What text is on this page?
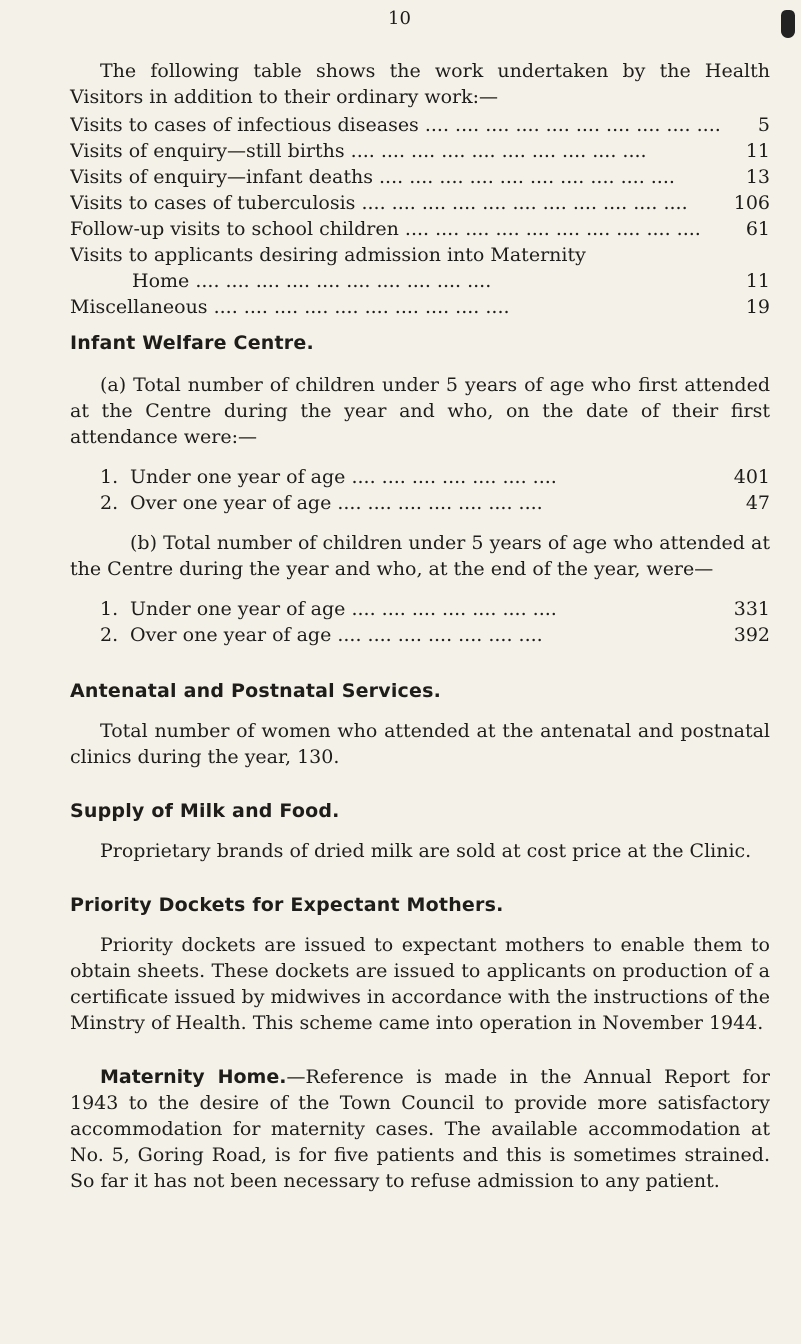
10

The following table shows the work undertaken by the Health Visitors in addition to their ordinary work:—

Visits to cases of infectious diseases ....	5
Visits of enquiry—still births ....	11
Visits of enquiry—infant deaths ....	13
Visits to cases of tuberculosis .... ....	106
Follow-up visits to school children ....	61
Visits to applicants desiring admission into Maternity
Home ....	11
Miscellaneous ....	19
Infant Welfare Centre.

(a) Total number of children under 5 years of age who first attended at the Centre during the year and who, on the date of their first attendance were:—

1. Under one year of age ....	401
2. Over one year of age ....	47

(b) Total number of children under 5 years of age who attended at the Centre during the year and who, at the end of the year, were—

1. Under one year of age ....	331
2. Over one year of age ....	392
Antenatal and Postnatal Services.

Total number of women who attended at the antenatal and postnatal clinics during the year, 130.

Supply of Milk and Food.

Proprietary brands of dried milk are sold at cost price at the Clinic.

Priority Dockets for Expectant Mothers.

Priority dockets are issued to expectant mothers to enable them to obtain sheets. These dockets are issued to applicants on production of a certificate issued by midwives in accordance with the instructions of the Minstry of Health. This scheme came into operation in November 1944.

Maternity Home.—Reference is made in the Annual Report for 1943 to the desire of the Town Council to provide more satisfactory accommodation for maternity cases. The available accommodation at No. 5, Goring Road, is for five patients and this is sometimes strained. So far it has not been necessary to refuse admission to any patient.
